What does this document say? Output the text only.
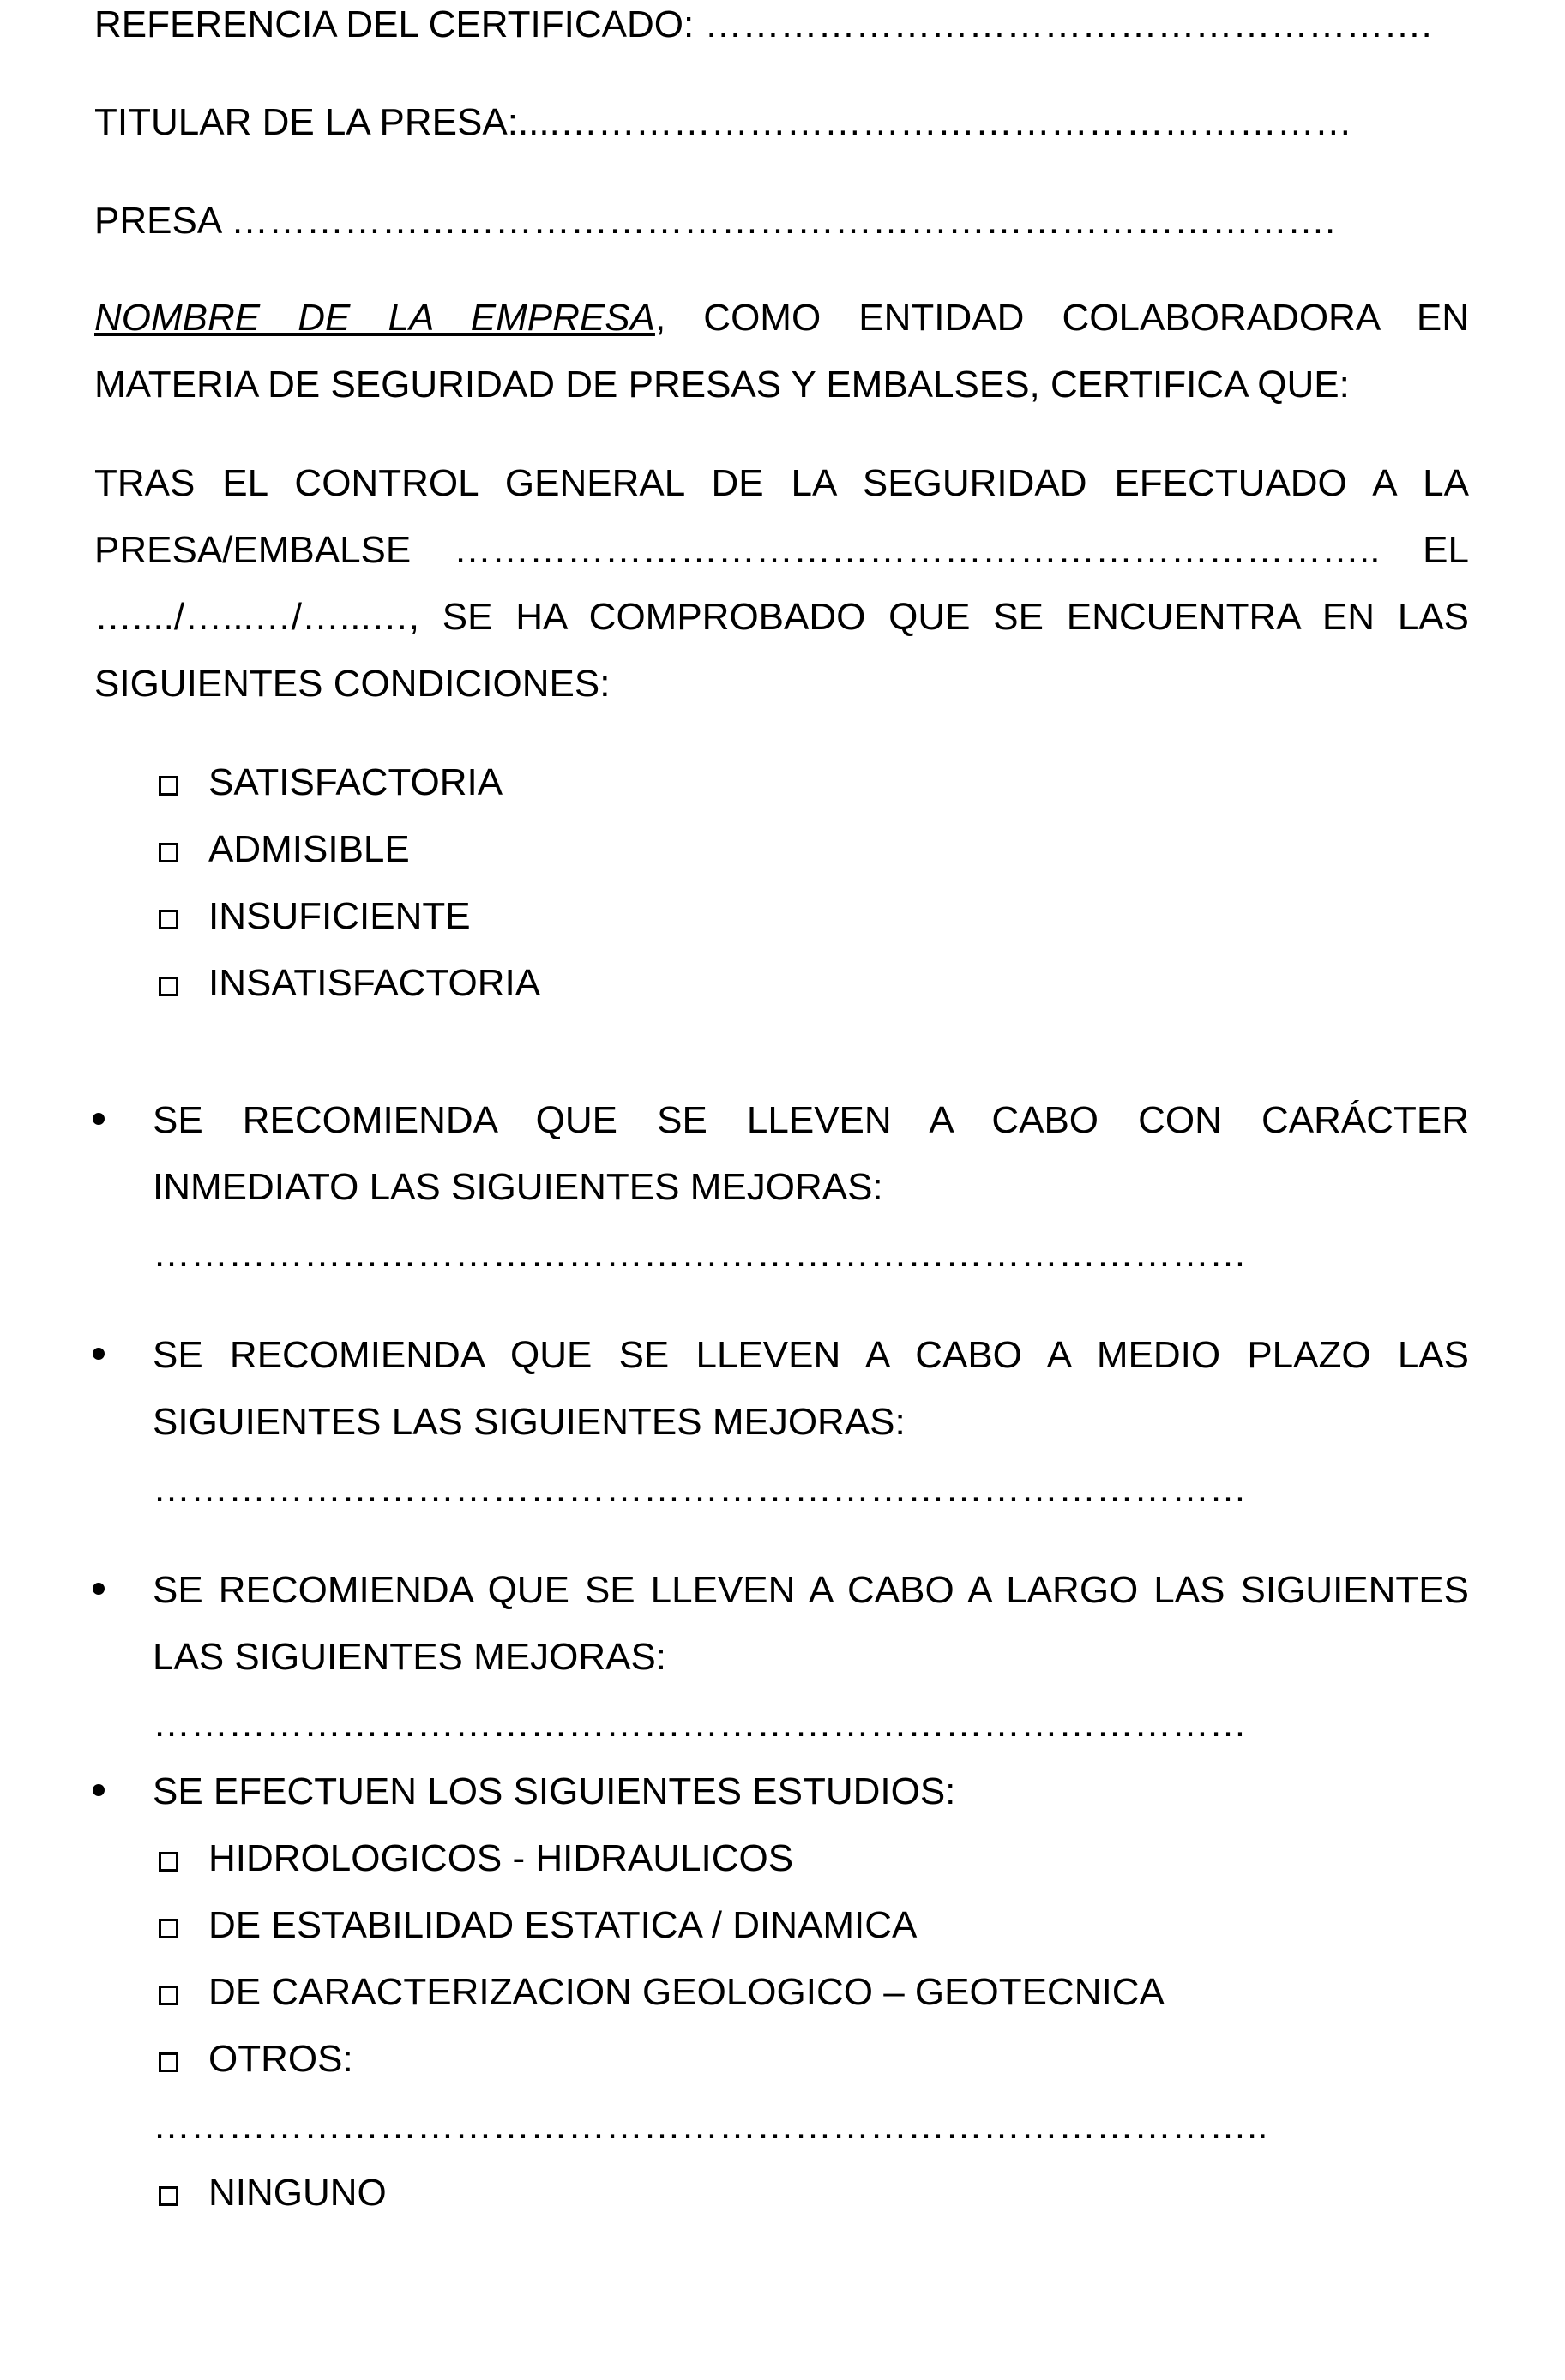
REFERENCIA DEL CERTIFICADO: ………………………………………………….
TITULAR DE LA PRESA:....………………………………………………………
PRESA …………………………………………………………………………….
NOMBRE DE LA EMPRESA, COMO ENTIDAD COLABORADORA EN
MATERIA DE SEGURIDAD DE PRESAS Y EMBALSES, CERTIFICA QUE:
TRAS EL CONTROL GENERAL DE LA SEGURIDAD EFECTUADO A LA
PRESA/EMBALSE ……………………………………………………………….. EL
…..../…...…/…...…, SE HA COMPROBADO QUE SE ENCUENTRA EN LAS
SIGUIENTES CONDICIONES:
SATISFACTORIA
ADMISIBLE
INSUFICIENTE
INSATISFACTORIA
SE RECOMIENDA QUE SE LLEVEN A CABO CON CARÁCTER
INMEDIATO LAS SIGUIENTES MEJORAS:
……………………………………………………………………………
SE RECOMIENDA QUE SE LLEVEN A CABO A MEDIO PLAZO LAS
SIGUIENTES LAS SIGUIENTES MEJORAS:
……………………………………………………………………………
SE RECOMIENDA QUE SE LLEVEN A CABO A LARGO LAS SIGUIENTES
LAS SIGUIENTES MEJORAS:
……………………………………………………………………………
SE EFECTUEN LOS SIGUIENTES ESTUDIOS:
HIDROLOGICOS - HIDRAULICOS
DE ESTABILIDAD ESTATICA / DINAMICA
DE CARACTERIZACION GEOLOGICO – GEOTECNICA
OTROS:
……………………………………………………………………………..
NINGUNO
